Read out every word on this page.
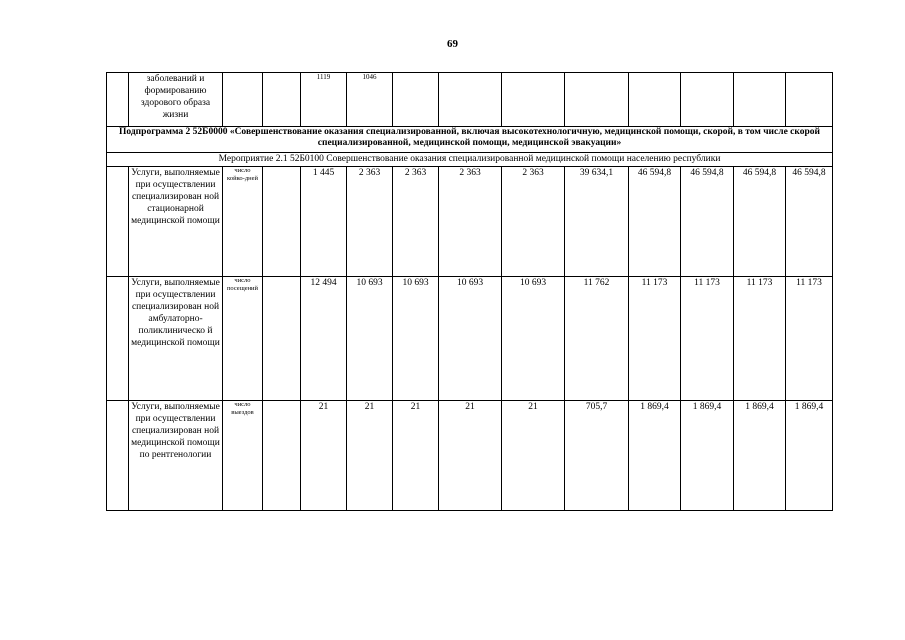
69
	заболеваний и формированию здорового образа жизни			1119	1046								
Подпрограмма 2 52Б0000 «Совершенствование оказания специализированной, включая высокотехнологичную, медицинской помощи, скорой, в том числе скорой специализированной, медицинской помощи, медицинской эвакуации»													
Мероприятие 2.1 52Б0100 Совершенствование оказания специализированной медицинской помощи населению республики													
	Услуги, выполняемые при осуществлении специализирован ной стационарной медицинской помощи	число койко-дней		1 445	2 363	2 363	2 363	2 363	39 634,1	46 594,8	46 594,8	46 594,8	46 594,8
	Услуги, выполняемые при осуществлении специализирован ной амбулаторно-поликлиническо й медицинской помощи	число посещений		12 494	10 693	10 693	10 693	10 693	11 762	11 173	11 173	11 173	11 173
	Услуги, выполняемые при осуществлении специализирован ной медицинской помощи по рентгенологии	число выездов		21	21	21	21	21	705,7	1 869,4	1 869,4	1 869,4	1 869,4
